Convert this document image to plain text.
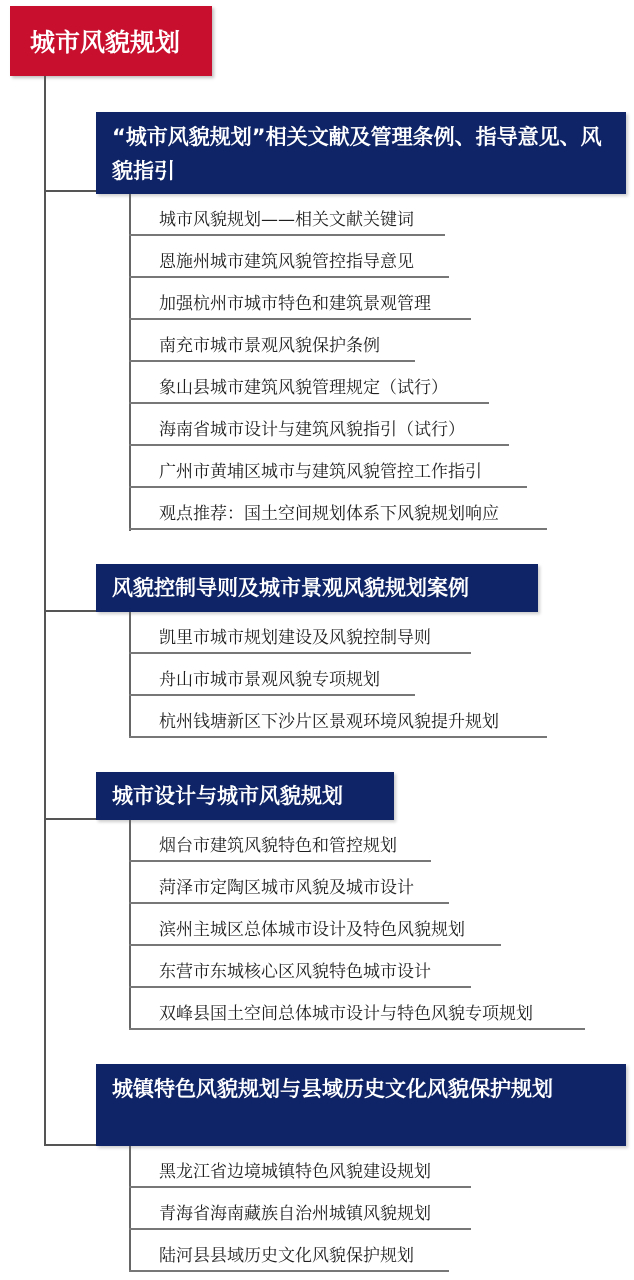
城市风貌规划
“城市风貌规划”相关文献及管理条例、指导意见、风貌指引
城市风貌规划——相关文献关键词
恩施州城市建筑风貌管控指导意见
加强杭州市城市特色和建筑景观管理
南充市城市景观风貌保护条例
象山县城市建筑风貌管理规定（试行）
海南省城市设计与建筑风貌指引（试行）
广州市黄埔区城市与建筑风貌管控工作指引
观点推荐：国土空间规划体系下风貌规划响应
风貌控制导则及城市景观风貌规划案例
凯里市城市规划建设及风貌控制导则
舟山市城市景观风貌专项规划
杭州钱塘新区下沙片区景观环境风貌提升规划
城市设计与城市风貌规划
烟台市建筑风貌特色和管控规划
菏泽市定陶区城市风貌及城市设计
滨州主城区总体城市设计及特色风貌规划
东营市东城核心区风貌特色城市设计
双峰县国土空间总体城市设计与特色风貌专项规划
城镇特色风貌规划与县域历史文化风貌保护规划
黑龙江省边境城镇特色风貌建设规划
青海省海南藏族自治州城镇风貌规划
陆河县县域历史文化风貌保护规划
